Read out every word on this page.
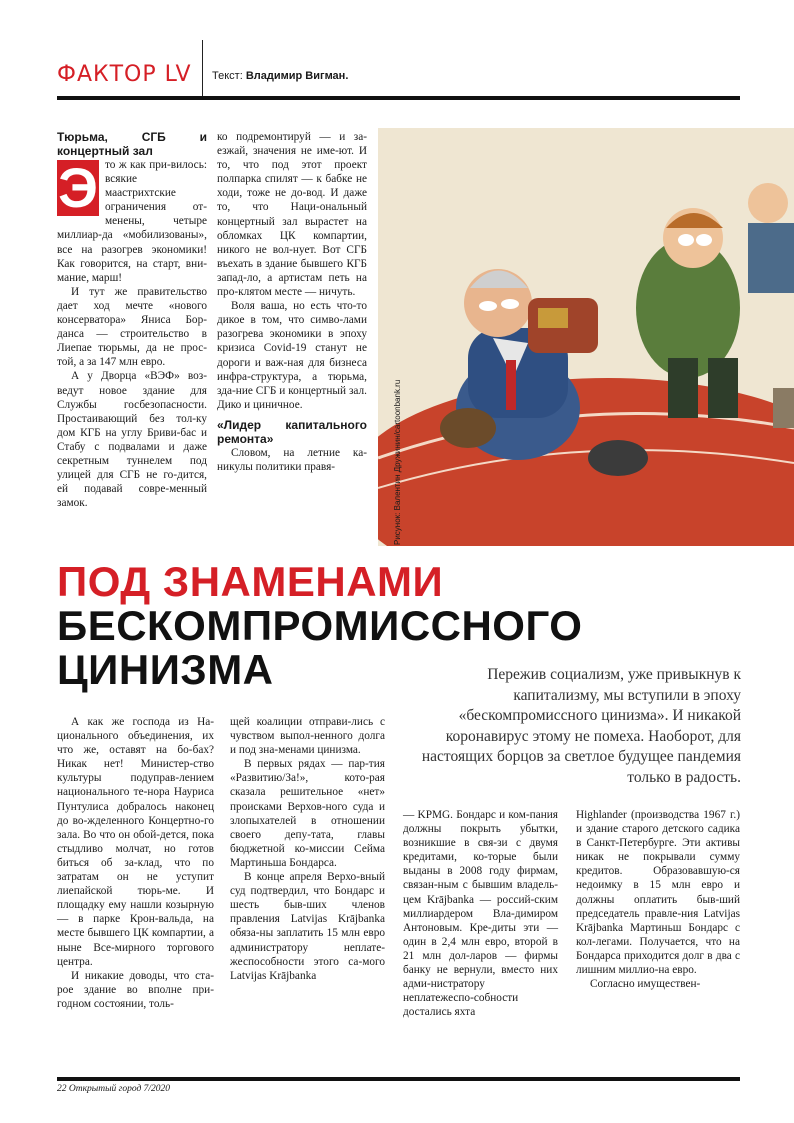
ФАКТОР LV Текст: Владимир Вигман.

Тюрьма, СГБ и концертный зал

Э то ж как при-вилось: всякие маастрихтские ограничения от-менены, четыре миллиар-да «мобилизованы», все на разогрев экономики! Как говорится, на старт, вни-мание, марш!

И тут же правительство дает ход мечте «нового консерватора» Яниса Бор-данса — строительство в Лиепае тюрьмы, да не прос-той, а за 147 млн евро.

А у Дворца «ВЭФ» воз-ведут новое здание для Службы госбезопасности. Простаивающий без тол-ку дом КГБ на углу Бриви-бас и Стабу с подвалами и даже секретным туннелем под улицей для СГБ не го-дится, ей подавай совре-менный замок.

ко подремонтируй — и за-езжай, значения не име-ют. И то, что под этот проект полпарка спилят — к бабке не ходи, тоже не до-вод. И даже то, что Наци-ональный концертный зал вырастет на обломках ЦК компартии, никого не вол-нует. Вот СГБ въехать в здание бывшего КГБ запад-ло, а артистам петь на про-клятом месте — ничуть.

Воля ваша, но есть что-то дикое в том, что симво-лами разогрева экономики в эпоху кризиса Covid-19 станут не дороги и важ-ная для бизнеса инфра-структура, а тюрьма, зда-ние СГБ и концертный зал. Дико и циничное.

«Лидер капитального ремонта»

Словом, на летние ка-никулы политики правя-	Рисунок: Валентин Дружинин/cartoonbank.ru
ПОД ЗНАМЕНАМИ
БЕСКОМПРОМИССНОГО
ЦИНИЗМА	Пережив социализм, уже привыкнув к капитализму, мы вступили в эпоху «бескомпромиссного цинизма». И никакой коронавирус этому не помеха. Наоборот, для настоящих борцов за светлое будущее пандемия только в радость.

А как же господа из На-ционального объединения, их что же, оставят на бо-бах? Никак нет! Министер-ство культуры подуправ-лением национального те-нора Науриса Пунтулиса добралось наконец до во-жделенного Концертно-го зала. Во что он обой-дется, пока стыдливо молчат, но готов биться об за-клад, что по затратам он не уступит лиепайской тюрь-ме. И площадку ему нашли козырную — в парке Крон-вальда, на месте бывшего ЦК компартии, а ныне Все-мирного торгового центра.

И никакие доводы, что ста-рое здание во вполне при-годном состоянии, толь-

щей коалиции отправи-лись с чувством выпол-ненного долга и под зна-менами цинизма.

В первых рядах — пар-тия «Развитию/За!», кото-рая сказала решительное «нет» происками Верхов-ного суда и злопыхателей в отношении своего депу-тата, главы бюджетной ко-миссии Сейма Мартиньша Бондарса.

В конце апреля Верхо-вный суд подтвердил, что Бондарс и шесть быв-ших членов правления Latvijas Krājbanka обяза-ны заплатить 15 млн евро администратору неплате-жеспособности этого са-мого Latvijas Krājbanka

— KPMG. Бондарс и ком-пания должны покрыть убытки, возникшие в свя-зи с двумя кредитами, ко-торые были выданы в 2008 году фирмам, связан-ным с бывшим владель-цем Krājbanka — россий-ским миллиардером Вла-димиром Антоновым. Кре-диты эти — один в 2,4 млн евро, второй в 21 млн дол-ларов — фирмы банку не вернули, вместо них адми-нистратору неплатежеспо-собности достались яхта

Highlander (производства 1967 г.) и здание старого детского садика в Санкт-Петербурге. Эти активы никак не покрывали сумму кредитов. Образовавшую-ся недоимку в 15 млн евро и должны оплатить быв-ший председатель правле-ния Latvijas Krājbanka Мартиньш Бондарс с кол-легами. Получается, что на Бондарса приходится долг в два с лишним миллио-на евро.

Согласно имуществен-

22 Открытый город 7/2020
